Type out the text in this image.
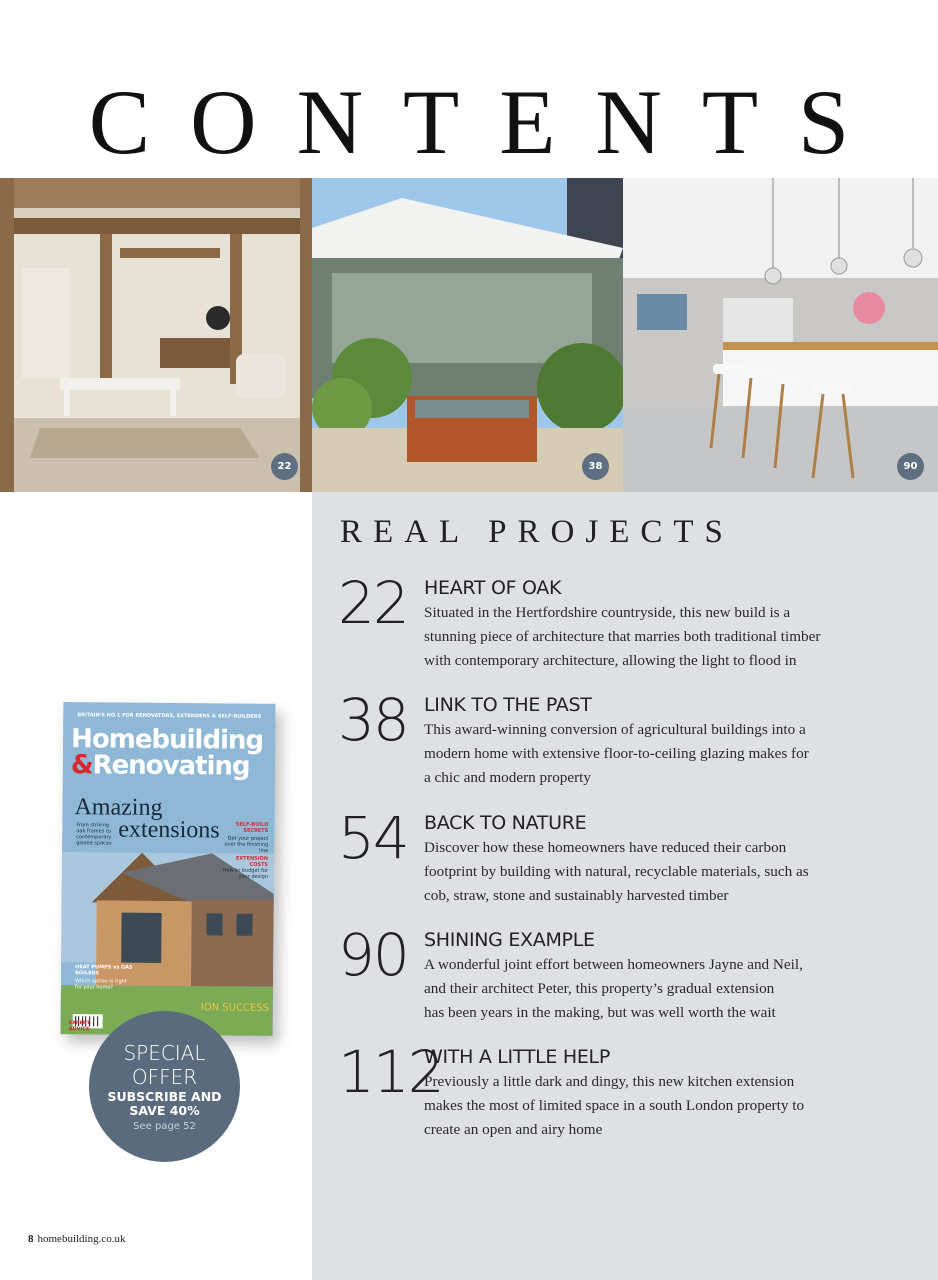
CONTENTS
22	38	90
REAL PROJECTS
22 HEART OF OAK
Situated in the Hertfordshire countryside, this new build is a
stunning piece of architecture that marries both traditional timber
with contemporary architecture, allowing the light to flood in
38 LINK TO THE PAST
This award-winning conversion of agricultural buildings into a
modern home with extensive floor-to-ceiling glazing makes for
a chic and modern property
54 BACK TO NATURE
Discover how these homeowners have reduced their carbon
footprint by building with natural, recyclable materials, such as
cob, straw, stone and sustainably harvested timber
90 SHINING EXAMPLE
A wonderful joint effort between homeowners Jayne and Neil,
and their architect Peter, this property’s gradual extension
has been years in the making, but was well worth the wait
112
WITH A LITTLE HELP
Previously a little dark and dingy, this new kitchen extension
makes the most of limited space in a south London property to
create an open and airy home
BRITAIN'S NO.1 FOR RENOVATORS, EXTENDERS & SELF-BUILDERS
Homebuilding
&Renovating
Amazing
extensions
From striking oak frames to contemporary glazed spaces
SELF-BUILD SECRETS
Get your project over the finishing line
EXTENSION COSTS
How to budget for your design
HEAT PUMPS vs GAS BOILERS
Which option is right for your home?
ION SUCCESS
EXPERT ADVICE
SPECIAL
OFFER
SUBSCRIBE AND
SAVE 40%
See page 52
8 homebuilding.co.uk
